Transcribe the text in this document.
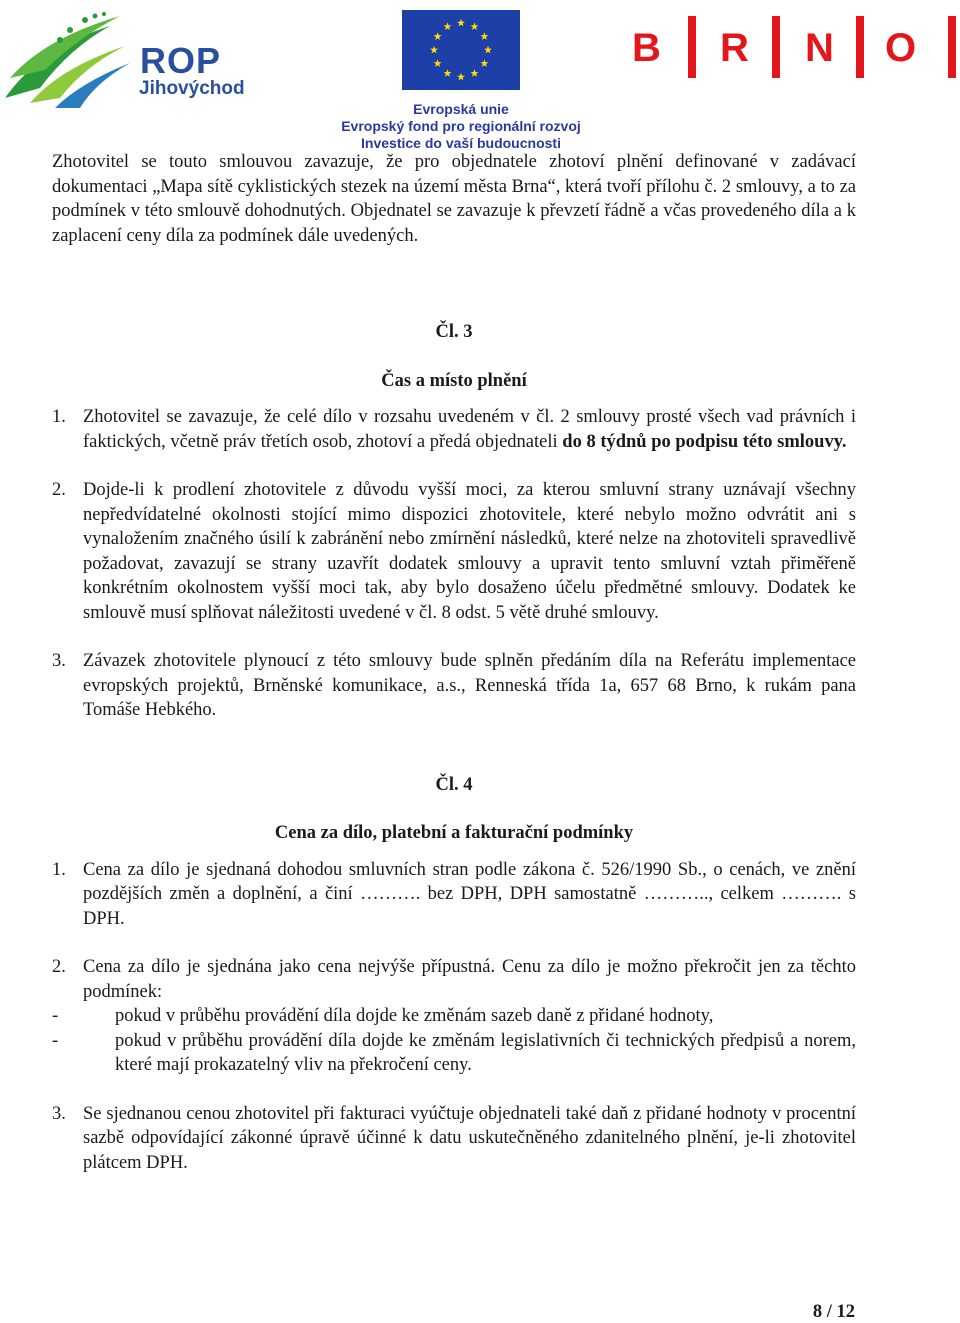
ROP
Jihovýchod
Evropská unie
Evropský fond pro regionální rozvoj
Investice do vaší budoucnosti
B R N O

Zhotovitel se touto smlouvou zavazuje, že pro objednatele zhotoví plnění definované v zadávací dokumentaci „Mapa sítě cyklistických stezek na území města Brna“, která tvoří přílohu č. 2 smlouvy, a to za podmínek v této smlouvě dohodnutých. Objednatel se zavazuje k převzetí řádně a včas provedeného díla a k zaplacení ceny díla za podmínek dále uvedených.

Čl. 3

Čas a místo plnění

1. Zhotovitel se zavazuje, že celé dílo v rozsahu uvedeném v čl. 2 smlouvy prosté všech vad právních i faktických, včetně práv třetích osob, zhotoví a předá objednateli do 8 týdnů po podpisu této smlouvy.
2. Dojde-li k prodlení zhotovitele z důvodu vyšší moci, za kterou smluvní strany uznávají všechny nepředvídatelné okolnosti stojící mimo dispozici zhotovitele, které nebylo možno odvrátit ani s vynaložením značného úsilí k zabránění nebo zmírnění následků, které nelze na zhotoviteli spravedlivě požadovat, zavazují se strany uzavřít dodatek smlouvy a upravit tento smluvní vztah přiměřeně konkrétním okolnostem vyšší moci tak, aby bylo dosaženo účelu předmětné smlouvy. Dodatek ke smlouvě musí splňovat náležitosti uvedené v čl. 8 odst. 5 větě druhé smlouvy.
3. Závazek zhotovitele plynoucí z této smlouvy bude splněn předáním díla na Referátu implementace evropských projektů, Brněnské komunikace, a.s., Renneská třída 1a, 657 68 Brno, k rukám pana Tomáše Hebkého.

Čl. 4

Cena za dílo, platební a fakturační podmínky

1. Cena za dílo je sjednaná dohodou smluvních stran podle zákona č. 526/1990 Sb., o cenách, ve znění pozdějších změn a doplnění, a činí ………. bez DPH, DPH samostatně ……….., celkem ………. s DPH.
2. Cena za dílo je sjednána jako cena nejvýše přípustná. Cenu za dílo je možno překročit jen za těchto podmínek:
-	pokud v průběhu provádění díla dojde ke změnám sazeb daně z přidané hodnoty,
-	pokud v průběhu provádění díla dojde ke změnám legislativních či technických předpisů a norem, které mají prokazatelný vliv na překročení ceny.
3. Se sjednanou cenou zhotovitel při fakturaci vyúčtuje objednateli také daň z přidané hodnoty v procentní sazbě odpovídající zákonné úpravě účinné k datu uskutečněného zdanitelného plnění, je-li zhotovitel plátcem DPH.
8 / 12
